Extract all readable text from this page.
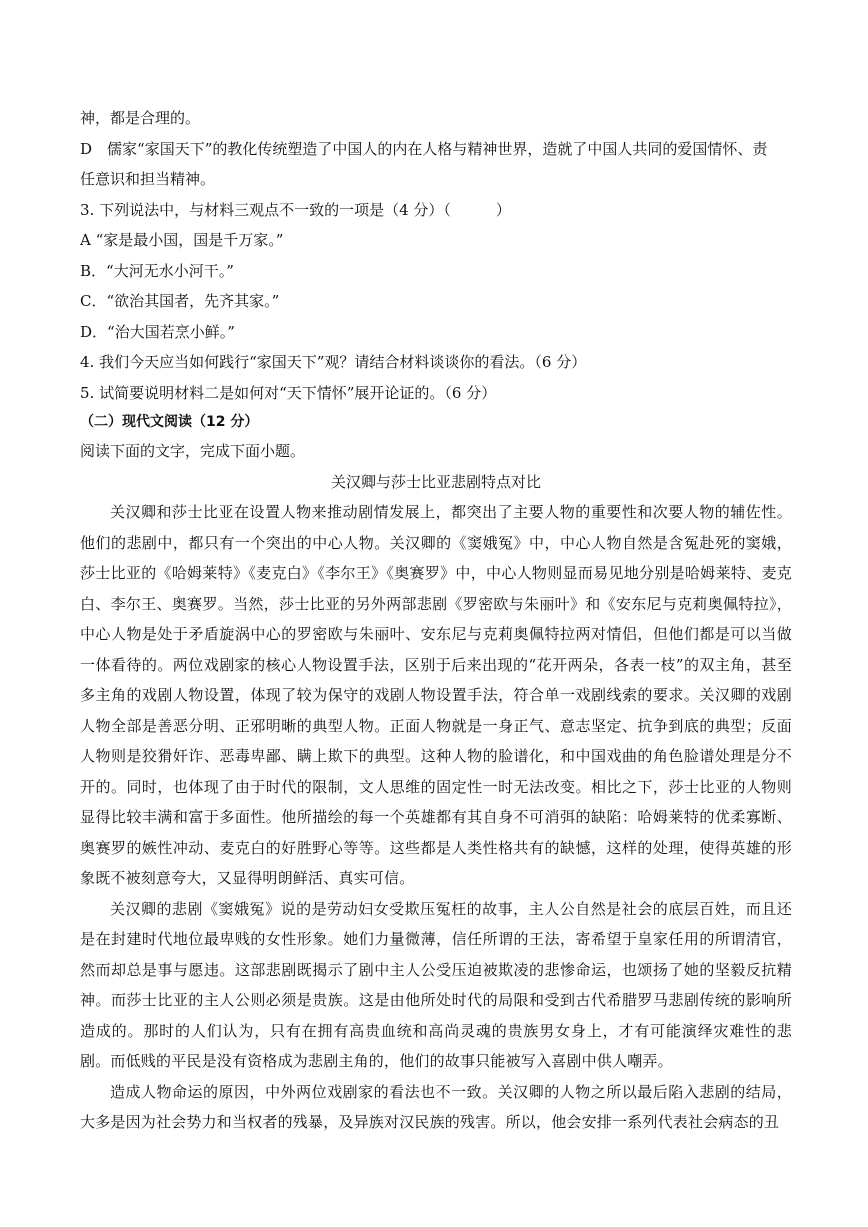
神，都是合理的。
D　儒家“家国天下”的教化传统塑造了中国人的内在人格与精神世界，造就了中国人共同的爱国情怀、责
任意识和担当精神。
3. 下列说法中，与材料三观点不一致的一项是（4 分）（　　　）
A “家是最小国，国是千万家。”
B．“大河无水小河干。”
C．“欲治其国者，先齐其家。”
D．“治大国若烹小鲜。”
4. 我们今天应当如何践行“家国天下”观？请结合材料谈谈你的看法。（6 分）
5. 试简要说明材料二是如何对“天下情怀”展开论证的。（6 分）
（二）现代文阅读（12 分）
阅读下面的文字，完成下面小题。
关汉卿与莎士比亚悲剧特点对比

关汉卿和莎士比亚在设置人物来推动剧情发展上，都突出了主要人物的重要性和次要人物的辅佐性。他们的悲剧中，都只有一个突出的中心人物。关汉卿的《窦娥冤》中，中心人物自然是含冤赴死的窦娥，莎士比亚的《哈姆莱特》《麦克白》《李尔王》《奥赛罗》中，中心人物则显而易见地分别是哈姆莱特、麦克白、李尔王、奥赛罗。当然，莎士比亚的另外两部悲剧《罗密欧与朱丽叶》和《安东尼与克莉奥佩特拉》，中心人物是处于矛盾旋涡中心的罗密欧与朱丽叶、安东尼与克莉奥佩特拉两对情侣，但他们都是可以当做一体看待的。两位戏剧家的核心人物设置手法，区别于后来出现的“花开两朵，各表一枝”的双主角，甚至多主角的戏剧人物设置，体现了较为保守的戏剧人物设置手法，符合单一戏剧线索的要求。关汉卿的戏剧人物全部是善恶分明、正邪明晰的典型人物。正面人物就是一身正气、意志坚定、抗争到底的典型；反面人物则是狡猾奸诈、恶毒卑鄙、瞒上欺下的典型。这种人物的脸谱化，和中国戏曲的角色脸谱处理是分不开的。同时，也体现了由于时代的限制，文人思维的固定性一时无法改变。相比之下，莎士比亚的人物则显得比较丰满和富于多面性。他所描绘的每一个英雄都有其自身不可消弭的缺陷：哈姆莱特的优柔寡断、奥赛罗的嫉性冲动、麦克白的好胜野心等等。这些都是人类性格共有的缺憾，这样的处理，使得英雄的形象既不被刻意夸大，又显得明朗鲜活、真实可信。

关汉卿的悲剧《窦娥冤》说的是劳动妇女受欺压冤枉的故事，主人公自然是社会的底层百姓，而且还是在封建时代地位最卑贱的女性形象。她们力量微薄，信任所谓的王法，寄希望于皇家任用的所谓清官，然而却总是事与愿违。这部悲剧既揭示了剧中主人公受压迫被欺凌的悲惨命运，也颂扬了她的坚毅反抗精神。而莎士比亚的主人公则必须是贵族。这是由他所处时代的局限和受到古代希腊罗马悲剧传统的影响所造成的。那时的人们认为，只有在拥有高贵血统和高尚灵魂的贵族男女身上，才有可能演绎灾难性的悲剧。而低贱的平民是没有资格成为悲剧主角的，他们的故事只能被写入喜剧中供人嘲弄。

造成人物命运的原因，中外两位戏剧家的看法也不一致。关汉卿的人物之所以最后陷入悲剧的结局，大多是因为社会势力和当权者的残暴，及异族对汉民族的残害。所以，他会安排一系列代表社会病态的丑
